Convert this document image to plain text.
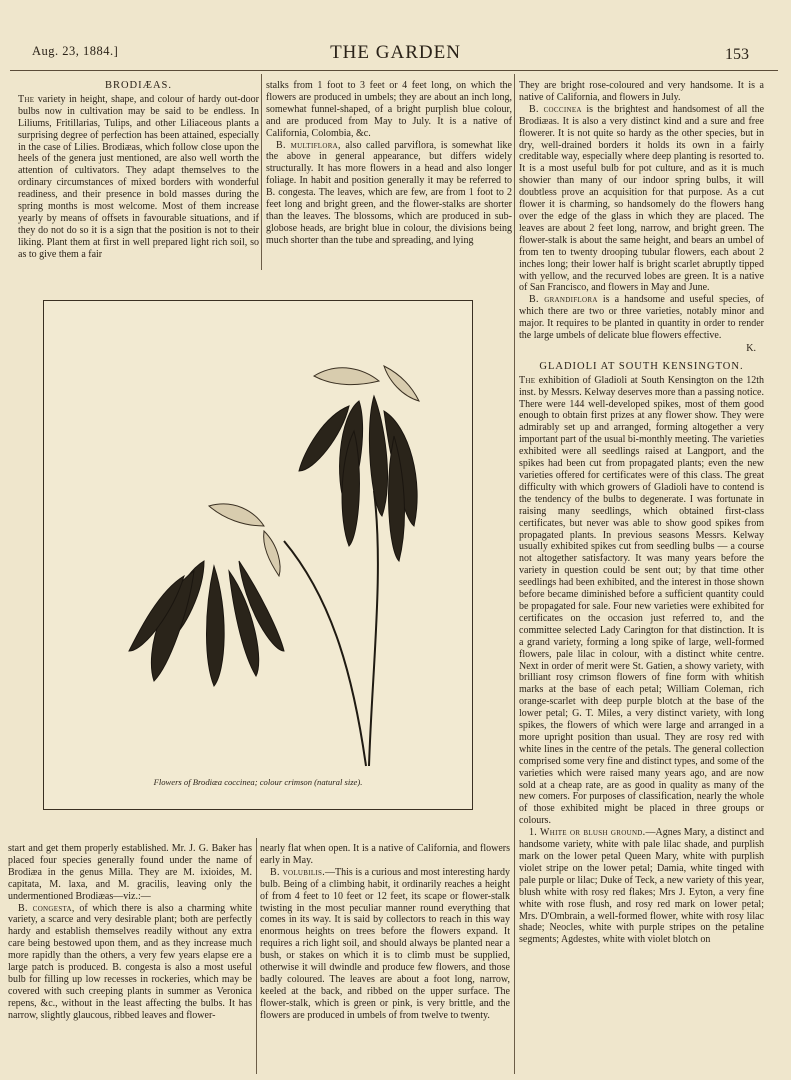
Aug. 23, 1884.]	THE GARDEN	153
BRODIÆAS.

The variety in height, shape, and colour of hardy out-door bulbs now in cultivation may be said to be endless. In Liliums, Fritillarias, Tulips, and other Liliaceous plants a surprising degree of perfection has been attained, especially in the case of Lilies. Brodiæas, which follow close upon the heels of the genera just mentioned, are also well worth the attention of cultivators. They adapt themselves to the ordinary circumstances of mixed borders with wonderful readiness, and their presence in bold masses during the spring months is most welcome. Most of them increase yearly by means of offsets in favourable situations, and if they do not do so it is a sign that the position is not to their liking. Plant them at first in well prepared light rich soil, so as to give them a fair

stalks from 1 foot to 3 feet or 4 feet long, on which the flowers are produced in umbels; they are about an inch long, somewhat funnel-shaped, of a bright purplish blue colour, and are produced from May to July. It is a native of California, Colombia, &c.

B. multiflora, also called parviflora, is somewhat like the above in general appearance, but differs widely structurally. It has more flowers in a head and also longer foliage. In habit and position generally it may be referred to B. congesta. The leaves, which are few, are from 1 foot to 2 feet long and bright green, and the flower-stalks are shorter than the leaves. The blossoms, which are produced in sub-globose heads, are bright blue in colour, the divisions being much shorter than the tube and spreading, and lying

Flowers of Brodiæa coccinea; colour crimson (natural size).

They are bright rose-coloured and very handsome. It is a native of California, and flowers in July.

B. coccinea is the brightest and handsomest of all the Brodiæas. It is also a very distinct kind and a sure and free flowerer. It is not quite so hardy as the other species, but in dry, well-drained borders it holds its own in a fairly creditable way, especially where deep planting is resorted to. It is a most useful bulb for pot culture, and as it is much showier than many of our indoor spring bulbs, it will doubtless prove an acquisition for that purpose. As a cut flower it is charming, so handsomely do the flowers hang over the edge of the glass in which they are placed. The leaves are about 2 feet long, narrow, and bright green. The flower-stalk is about the same height, and bears an umbel of from ten to twenty drooping tubular flowers, each about 2 inches long; their lower half is bright scarlet abruptly tipped with yellow, and the recurved lobes are green. It is a native of San Francisco, and flowers in May and June.

B. grandiflora is a handsome and useful species, of which there are two or three varieties, notably minor and major. It requires to be planted in quantity in order to render the large umbels of delicate blue flowers effective.

K.
GLADIOLI AT SOUTH KENSINGTON.

The exhibition of Gladioli at South Kensington on the 12th inst. by Messrs. Kelway deserves more than a passing notice. There were 144 well-developed spikes, most of them good enough to obtain first prizes at any flower show. They were admirably set up and arranged, forming altogether a very important part of the usual bi-monthly meeting. The varieties exhibited were all seedlings raised at Langport, and the spikes had been cut from propagated plants; even the new varieties offered for certificates were of this class. The great difficulty with which growers of Gladioli have to contend is the tendency of the bulbs to degenerate. I was fortunate in raising many seedlings, which obtained first-class certificates, but never was able to show good spikes from propagated plants. In previous seasons Messrs. Kelway usually exhibited spikes cut from seedling bulbs — a course not altogether satisfactory. It was many years before the variety in question could be sent out; by that time other seedlings had been exhibited, and the interest in those shown before became diminished before a sufficient quantity could be propagated for sale. Four new varieties were exhibited for certificates on the occasion just referred to, and the committee selected Lady Carington for that distinction. It is a grand variety, forming a long spike of large, well-formed flowers, pale lilac in colour, with a distinct white centre. Next in order of merit were St. Gatien, a showy variety, with brilliant rosy crimson flowers of fine form with whitish marks at the base of each petal; William Coleman, rich orange-scarlet with deep purple blotch at the base of the lower petal; G. T. Miles, a very distinct variety, with long spikes, the flowers of which were large and arranged in a more upright position than usual. They are rosy red with white lines in the centre of the petals. The general collection comprised some very fine and distinct types, and some of the varieties which were raised many years ago, and are now sold at a cheap rate, are as good in quality as many of the new comers. For purposes of classification, nearly the whole of those exhibited might be placed in three groups or colours.

1. White or blush ground.—Agnes Mary, a distinct and handsome variety, white with pale lilac shade, and purplish mark on the lower petal Queen Mary, white with purplish violet stripe on the lower petal; Damia, white tinged with pale purple or lilac; Duke of Teck, a new variety of this year, blush white with rosy red flakes; Mrs J. Eyton, a very fine white with rose flush, and rosy red mark on lower petal; Mrs. D'Ombrain, a well-formed flower, white with rosy lilac shade; Neocles, white with purple stripes on the petaline segments; Agdestes, white with violet blotch on

start and get them properly established. Mr. J. G. Baker has placed four species generally found under the name of Brodiæa in the genus Milla. They are M. ixioides, M. capitata, M. laxa, and M. gracilis, leaving only the undermentioned Brodiæas—viz.:—

B. congesta, of which there is also a charming white variety, a scarce and very desirable plant; both are perfectly hardy and establish themselves readily without any extra care being bestowed upon them, and as they increase much more rapidly than the others, a very few years elapse ere a large patch is produced. B. congesta is also a most useful bulb for filling up low recesses in rockeries, which may be covered with such creeping plants in summer as Veronica repens, &c., without in the least affecting the bulbs. It has narrow, slightly glaucous, ribbed leaves and flower-

nearly flat when open. It is a native of California, and flowers early in May.

B. volubilis.—This is a curious and most interesting hardy bulb. Being of a climbing habit, it ordinarily reaches a height of from 4 feet to 10 feet or 12 feet, its scape or flower-stalk twisting in the most peculiar manner round everything that comes in its way. It is said by collectors to reach in this way enormous heights on trees before the flowers expand. It requires a rich light soil, and should always be planted near a bush, or stakes on which it is to climb must be supplied, otherwise it will dwindle and produce few flowers, and those badly coloured. The leaves are about a foot long, narrow, keeled at the back, and ribbed on the upper surface. The flower-stalk, which is green or pink, is very brittle, and the flowers are produced in umbels of from twelve to twenty.
